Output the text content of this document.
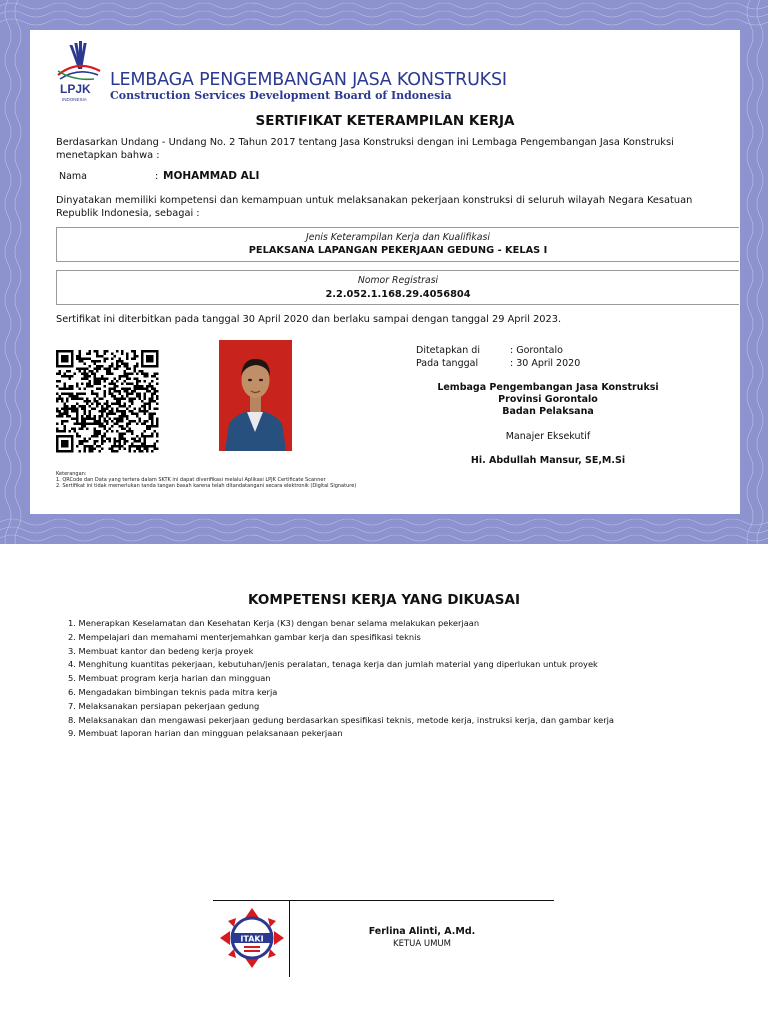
LPJK
INDONESIA
LEMBAGA PENGEMBANGAN JASA KONSTRUKSI
Construction Services Development Board of Indonesia
SERTIFIKAT KETERAMPILAN KERJA
Berdasarkan Undang - Undang No. 2 Tahun 2017 tentang Jasa Konstruksi dengan ini Lembaga Pengembangan Jasa Konstruksi menetapkan bahwa :
Nama	: MOHAMMAD ALI
Dinyatakan memiliki kompetensi dan kemampuan untuk melaksanakan pekerjaan konstruksi di seluruh wilayah Negara Kesatuan Republik Indonesia, sebagai :
Jenis Keterampilan Kerja dan Kualifikasi
PELAKSANA LAPANGAN PEKERJAAN GEDUNG - KELAS I
Nomor Registrasi
2.2.052.1.168.29.4056804
Sertifikat ini diterbitkan pada tanggal 30 April 2020 dan berlaku sampai dengan tanggal 29 April 2023.
Ditetapkan di	: Gorontalo
Pada tanggal	: 30 April 2020
Lembaga Pengembangan Jasa Konstruksi
Provinsi Gorontalo
Badan Pelaksana
Manajer Eksekutif
Hi. Abdullah Mansur, SE,M.Si
Keterangan:
1. QRCode dan Data yang tertera dalam SKTK ini dapat diverifikasi melalui Aplikasi LPJK Certificate Scanner
2. Sertifikat ini tidak memerlukan tanda tangan basah karena telah ditandatangani secara elektronik (Digital Signature)
KOMPETENSI KERJA YANG DIKUASAI
1. Menerapkan Keselamatan dan Kesehatan Kerja (K3) dengan benar selama melakukan pekerjaan
2. Mempelajari dan memahami menterjemahkan gambar kerja dan spesifikasi teknis
3. Membuat kantor dan bedeng kerja proyek
4. Menghitung kuantitas pekerjaan, kebutuhan/jenis peralatan, tenaga kerja dan jumlah material yang diperlukan untuk proyek
5. Membuat program kerja harian dan mingguan
6. Mengadakan bimbingan teknis pada mitra kerja
7. Melaksanakan persiapan pekerjaan gedung
8. Melaksanakan dan mengawasi pekerjaan gedung berdasarkan spesifikasi teknis, metode kerja, instruksi kerja, dan gambar kerja
9. Membuat laporan harian dan mingguan pelaksanaan pekerjaan
ITAKI
Ferlina Alinti, A.Md.
KETUA UMUM
